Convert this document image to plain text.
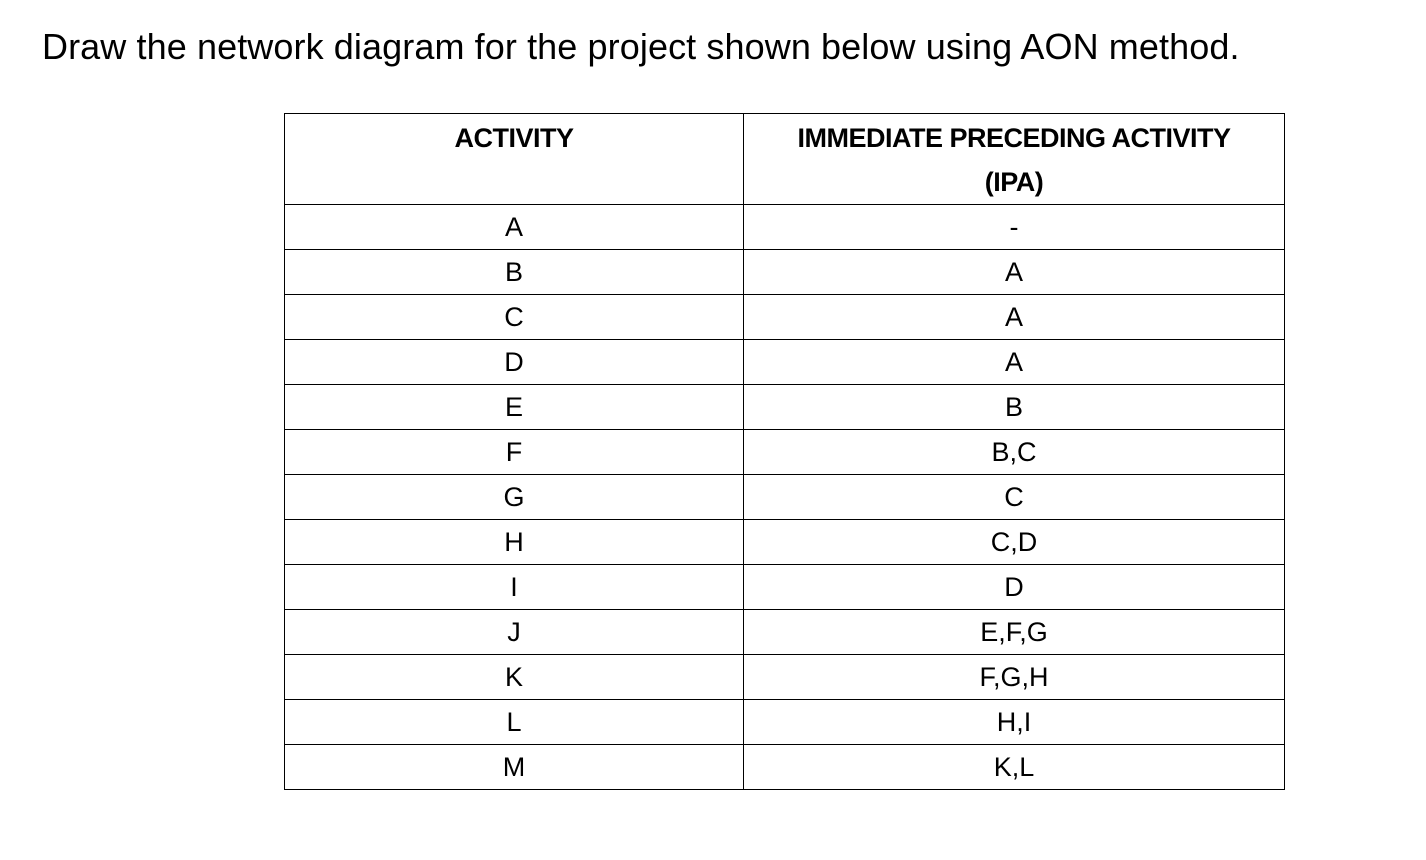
Draw the network diagram for the project shown below using AON method.

ACTIVITY	IMMEDIATE PRECEDING ACTIVITY
(IPA)
A	-
B	A
C	A
D	A
E	B
F	B,C
G	C
H	C,D
I	D
J	E,F,G
K	F,G,H
L	H,I
M	K,L
